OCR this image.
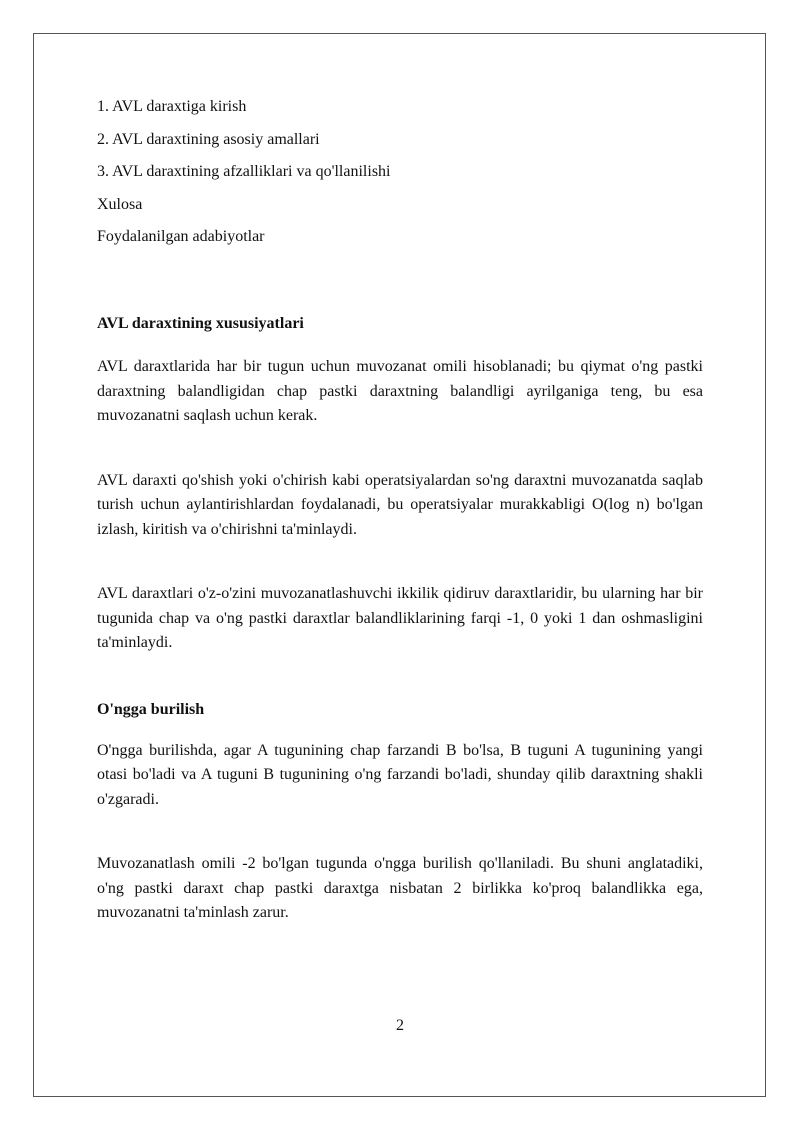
1. AVL daraxtiga kirish

2. AVL daraxtining asosiy amallari

3. AVL daraxtining afzalliklari va qo'llanilishi

Xulosa

Foydalanilgan adabiyotlar

AVL daraxtining xususiyatlari

AVL daraxtlarida har bir tugun uchun muvozanat omili hisoblanadi; bu qiymat o'ng pastki daraxtning balandligidan chap pastki daraxtning balandligi ayrilganiga teng, bu esa muvozanatni saqlash uchun kerak.

AVL daraxti qo'shish yoki o'chirish kabi operatsiyalardan so'ng daraxtni muvozanatda saqlab turish uchun aylantirishlardan foydalanadi, bu operatsiyalar murakkabligi O(log n) bo'lgan izlash, kiritish va o'chirishni ta'minlaydi.

AVL daraxtlari o'z-o'zini muvozanatlashuvchi ikkilik qidiruv daraxtlaridir, bu ularning har bir tugunida chap va o'ng pastki daraxtlar balandliklarining farqi -1, 0 yoki 1 dan oshmasligini ta'minlaydi.

O'ngga burilish

O'ngga burilishda, agar A tugunining chap farzandi B bo'lsa, B tuguni A tugunining yangi otasi bo'ladi va A tuguni B tugunining o'ng farzandi bo'ladi, shunday qilib daraxtning shakli o'zgaradi.

Muvozanatlash omili -2 bo'lgan tugunda o'ngga burilish qo'llaniladi. Bu shuni anglatadiki, o'ng pastki daraxt chap pastki daraxtga nisbatan 2 birlikka ko'proq balandlikka ega, muvozanatni ta'minlash zarur.

2
